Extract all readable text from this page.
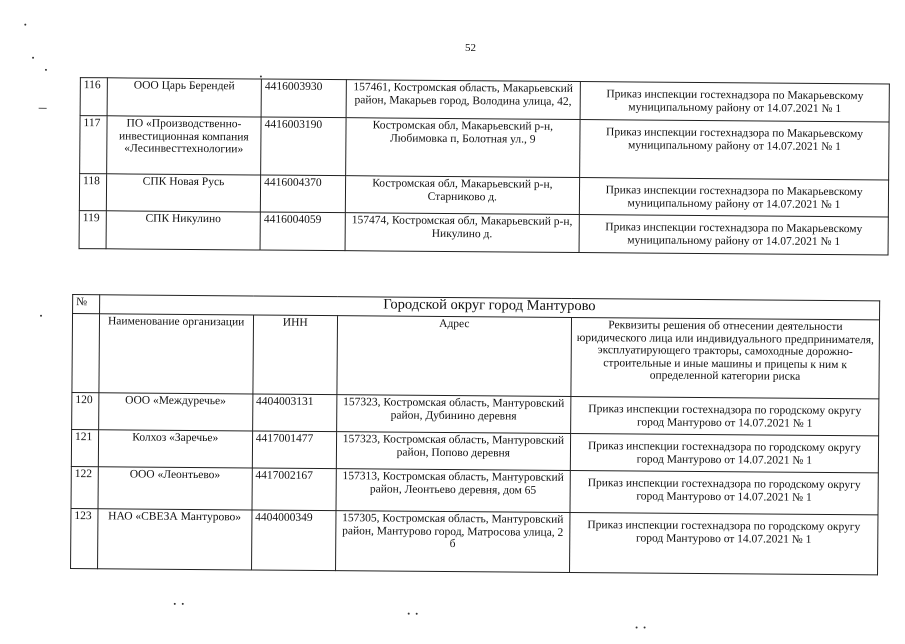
52
116	ООО Царь Берендей	4416003930	157461, Костромская область, Макарьевский район, Макарьев город, Володина улица, 42,	Приказ инспекции гостехнадзора по Макарьевскому муниципальному району от 14.07.2021 № 1
117	ПО «Производственно-инвестиционная компания «Лесинвесттехнологии»	4416003190	Костромская обл, Макарьевский р-н, Любимовка п, Болотная ул., 9	Приказ инспекции гостехнадзора по Макарьевскому муниципальному району от 14.07.2021 № 1
118	СПК Новая Русь	4416004370	Костромская обл, Макарьевский р-н, Старниково д.	Приказ инспекции гостехнадзора по Макарьевскому муниципальному району от 14.07.2021 № 1
119	СПК Никулино	4416004059	157474, Костромская обл, Макарьевский р-н, Никулино д.	Приказ инспекции гостехнадзора по Макарьевскому муниципальному району от 14.07.2021 № 1
№	Городской округ город Мантурово			
	Наименование организации	ИНН	Адрес	Реквизиты решения об отнесении деятельности юридического лица или индивидуального предпринимателя, эксплуатирующего тракторы, самоходные дорожно-строительные и иные машины и прицепы к ним к определенной категории риска
120	ООО «Междуречье»	4404003131	157323, Костромская область, Мантуровский район, Дубинино деревня	Приказ инспекции гостехнадзора по городскому округу город Мантурово от 14.07.2021 № 1
121	Колхоз «Заречье»	4417001477	157323, Костромская область, Мантуровский район, Попово деревня	Приказ инспекции гостехнадзора по городскому округу город Мантурово от 14.07.2021 № 1
122	ООО «Леонтьево»	4417002167	157313, Костромская область, Мантуровский район, Леонтьево деревня, дом 65	Приказ инспекции гостехнадзора по городскому округу город Мантурово от 14.07.2021 № 1
123	НАО «СВЕЗА Мантурово»	4404000349	157305, Костромская область, Мантуровский район, Мантурово город, Матросова улица, 2 б	Приказ инспекции гостехнадзора по городскому округу город Мантурово от 14.07.2021 № 1
